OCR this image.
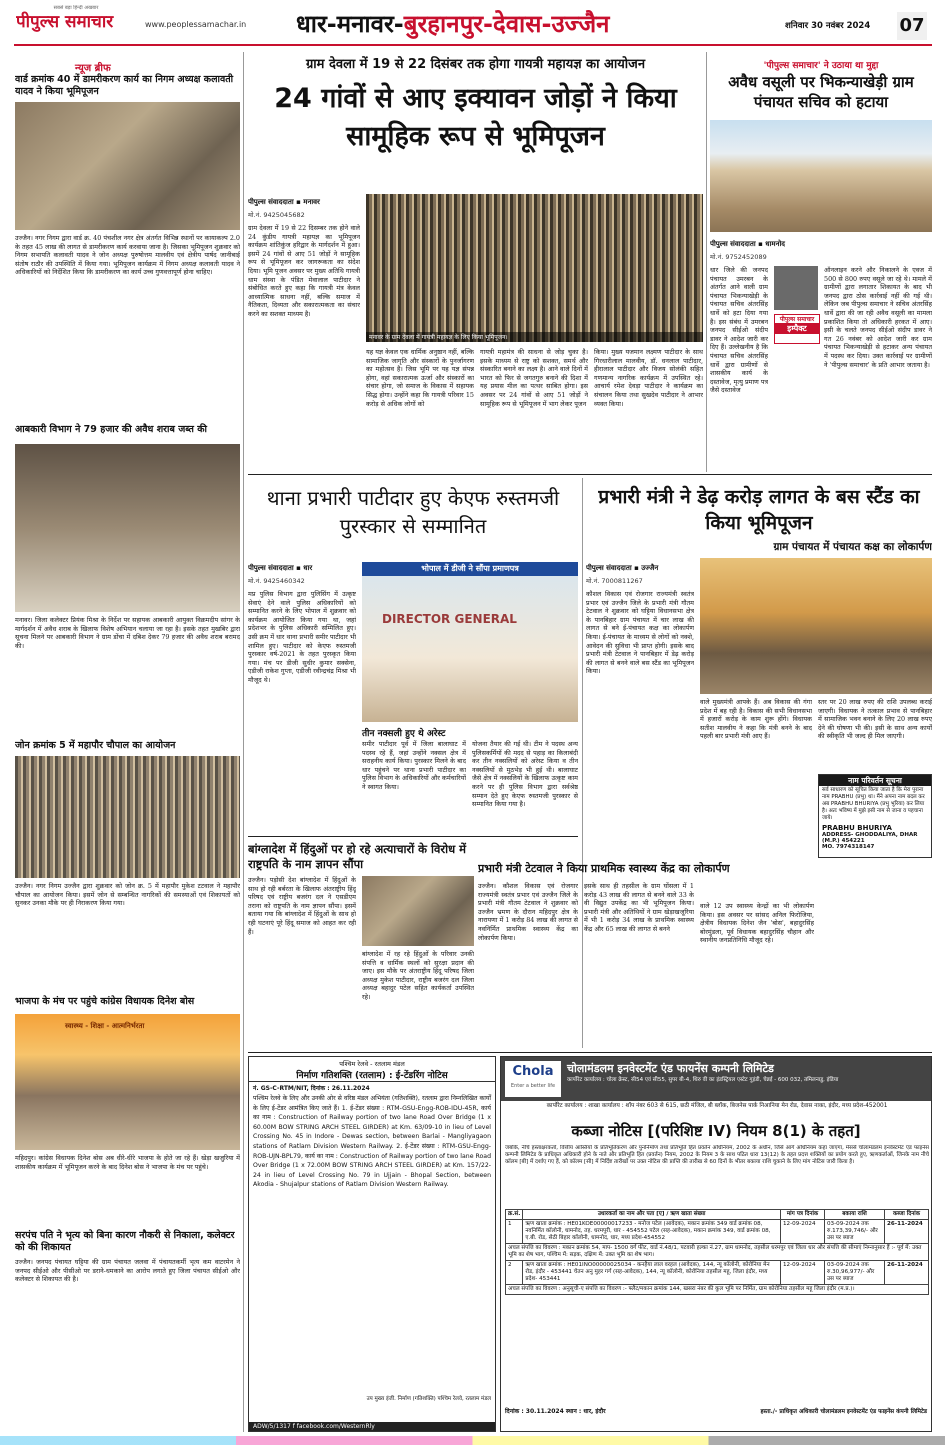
सबसे बड़ा हिन्दी अखबार
पीपुल्स समाचार	www.peoplessamachar.in धार-मनावर-बुरहानपुर-देवास-उज्जैन	शनिवार 30 नवंबर 2024 07
न्यूज ब्रीफ
वार्ड क्रमांक 40 में डामरीकरण कार्य का निगम अध्यक्ष कलावती यादव ने किया भूमिपूजन
उज्जैन। नगर निगम द्वारा वार्ड क्र. 40 पंचशील नगर क्षेत्र अंतर्गत विभिन्न स्थानों पर कायाकल्प 2.0 के तहत 45 लाख की लागत से डामरीकरण कार्य करवाया जाना है। जिसका भूमिपूजन शुक्रवार को निगम सभापति कलावती यादव ने जोन अध्यक्ष पुरुषोत्तम मालवीय एवं क्षेत्रीय पार्षद जानीबाई संतोष राठौर की उपस्थिति में किया गया। भूमिपूजन कार्यक्रम में निगम अध्यक्ष कलावती यादव ने अधिकारियों को निर्देशित किया कि डामरीकरण का कार्य उच्च गुणवत्तापूर्ण होना चाहिए।
आबकारी विभाग ने 79 हजार की अवैध शराब जब्त की
मनावर। जिला कलेक्टर प्रियंक मिश्रा के निर्देश पर सहायक आबकारी आयुक्त विक्रमदीप सांगर के मार्गदर्शन में अवैध शराब के खिलाफ विशेष अभियान चलाया जा रहा है। इसके तहत मुखबिर द्वारा सूचना मिलने पर आबकारी विभाग ने ग्राम डोंचा में दबिश देकर 79 हजार की अवैध शराब बरामद की।
जोन क्रमांक 5 में महापौर चौपाल का आयोजन
उज्जैन। नगर निगम उज्जैन द्वारा शुक्रवार को जोन क्र. 5 में महापौर मुकेश टटवाल ने महापौर चौपाल का आयोजन किया। इसमें जोन से सम्बन्धित नागरिकों की समस्याओं एवं शिकायतों को सुनकर उनका मौके पर ही निराकरण किया गया।
भाजपा के मंच पर पहुंचे कांग्रेस विधायक दिनेश बोस
स्वास्थ्य - शिक्षा - आत्मनिर्भरता
महिदपुर। कांग्रेस विधायक दिनेश बोस अब धीरे-धीरे भाजपा के होते जा रहे हैं। खेड़ा खजुरिया में शासकीय कार्यक्रम में भूमिपूजन करने के बाद दिनेश बोस ने भाजपा के मंच पर पहुंचे।
सरपंच पति ने भृत्य को बिना कारण नौकरी से निकाला, कलेक्टर को की शिकायत
उज्जैन। जनपद पंचायत घट्टिया की ग्राम पंचायत जलवा में पंचायतकर्मी भृत्य कम वाटरमेन ने जनपद सीईओ और पीसीओ पर डराने-धमकाने का आरोप लगाते हुए जिला पंचायत सीईओ और कलेक्टर से शिकायत की है।
ग्राम देवला में 19 से 22 दिसंबर तक होगा गायत्री महायज्ञ का आयोजन
24 गांवों से आए इक्यावन जोड़ों ने किया सामूहिक रूप से भूमिपूजन
पीपुल्स संवाददाता ▪ मनावर
मो.नं. 9425045682
मनावर के ग्राम देवला में गायत्री महायज्ञ के लिए किया भूमिपूजन।
ग्राम देवला में 19 से 22 दिसम्बर तक होने वाले 24 कुंडीय गायत्री महायज्ञ का भूमिपूजन कार्यक्रम शांतिकुंज हरिद्वार के मार्गदर्शन में हुआ। इसमें 24 गांवों से आए 51 जोड़ों ने सामूहिक रूप से भूमिपूजन कर जागरूकता का संदेश दिया। भूमि पूजन अवसर पर मुख्य अतिथि गायत्री धाम संस्था के पंडित मेवालाल पाटीदार ने संबोधित करते हुए कहा कि गायत्री मंत्र केवल आध्यात्मिक साधना नहीं, बल्कि समाज में नैतिकता, दिव्यता और सकारात्मकता का संचार करने का सशक्त माध्यम है।
यह यज्ञ केवल एक धार्मिक अनुष्ठान नहीं, बल्कि सामाजिक जागृति और संस्कारों के पुनर्जागरण का महोत्सव है। जिस भूमि पर यह यज्ञ संपन्न होगा, वहां सकारात्मक ऊर्जा और संस्कारों का संचार होगा, जो समाज के विकास में सहायक सिद्ध होगा। उन्होंने कहा कि गायत्री परिवार 15 करोड़ से अधिक लोगों को
गायत्री महामंत्र की साधना से जोड़ चुका है। इसके माध्यम से राष्ट्र को सशक्त, समर्थ और संस्कारित बनाने का लक्ष्य है। आने वाले दिनों में भारत को फिर से जगतगुरु बनाने की दिशा में यह प्रयास मील का पत्थर साबित होगा। इस अवसर पर 24 गांवों से आए 51 जोड़ों ने सामूहिक रूप से भूमिपूजन में भाग लेकर पूजन
किया। मुख्य यजमान लक्ष्मण पाटीदार के साथ गिरधारीलाल मालवीय, डॉ. धनलाल पाटीदार, हीरालाल पाटीदार और विजय सोलंकी सहित गणमान्य नागरिक कार्यक्रम में उपस्थित रहे। आचार्य रमेश देवड़ा पाटीदार ने कार्यक्रम का संचालन किया तथा सुखदेव पाटीदार ने आभार व्यक्त किया।
'पीपुल्स समाचार' ने उठाया था मुद्दा
अवैध वसूली पर भिकन्याखेड़ी ग्राम पंचायत सचिव को हटाया
पीपुल्स संवाददाता ▪ धामनोद
मो.नं. 9752452089
धार जिले की जनपद पंचायत उमरबन के अंतर्गत आने वाली ग्राम पंचायत भिकन्याखेड़ी के पंचायत सचिव अंतरसिंह धार्वे को हटा दिया गया है। इस संबंध में उमरबन जनपद सीईओ संदीप डावर ने आदेश जारी कर दिए हैं। उल्लेखनीय है कि पंचायत सचिव अंतरसिंह धार्वे द्वारा ग्रामीणों से शासकीय कार्य के दस्तावेज, मृत्यु प्रमाण पत्र जैसे दस्तावेज
पीपुल्स समाचार
इम्पैक्ट
ऑनलाइन करने और निकालने के एवज में 500 से 800 रुपए वसूले जा रहे थे। मामले में ग्रामीणों द्वारा लगातार शिकायत के बाद भी जनपद द्वारा ठोस कार्रवाई नहीं की गई थी। लेकिन जब पीपुल्स समाचार ने सचिव अंतरसिंह धार्वे द्वारा की जा रही अवैध वसूली का मामला प्रकाशित किया तो अधिकारी हरकत में आए। इसी के चलते जनपद सीईओ संदीप डावर ने गत 26 नवंबर को आदेश जारी कर ग्राम पंचायत भिकन्याखेड़ी से हटाकर अन्य पंचायत में पदस्थ कर दिया। उक्त कार्रवाई पर ग्रामीणों ने 'पीपुल्स समाचार' के प्रति आभार जताया है।
थाना प्रभारी पाटीदार हुए केएफ रुस्तमजी पुरस्कार से सम्मानित
पीपुल्स संवाददाता ▪ धार
मो.नं. 9425460342
भोपाल में डीजी ने सौंपा प्रमाणपत्र
DIRECTOR GENERAL
मप्र पुलिस विभाग द्वारा पुलिसिंग में उत्कृष्ट सेवाएं देने वाले पुलिस अधिकारियों को सम्मानित करने के लिए भोपाल में शुक्रवार को कार्यक्रम आयोजित किया गया था, जहां प्रदेशभर के पुलिस अधिकारी सम्मिलित हुए। उसी क्रम में धार थाना प्रभारी समीर पाटीदार भी शामिल हुए। पाटीदार को केएफ रुस्तमजी पुरस्कार वर्ष-2021 के तहत पुरस्कृत किया गया। मंच पर डीजी सुधीर कुमार सक्सेना, एडीजी राकेश गुप्ता, एडीजी रवीन्द्रचंद्र मिश्रा भी मौजूद थे।
तीन नक्सली हुए थे अरेस्ट
समीर पाटीदार पूर्व में जिला बालाघाट में पदस्थ रहे हैं, जहां उन्होंने नक्सल क्षेत्र में सराहनीय कार्य किया। पुरस्कार मिलने के बाद धार पहुंचने पर थाना प्रभारी पाटीदार का पुलिस विभाग के अधिकारियों और कर्मचारियों ने स्वागत किया।
योजना तैयार की गई थी। टीम ने पदस्थ अन्य पुलिसकर्मियों की मदद से पहाड़ का किलाबंदी कर तीन नक्सलियों को अरेस्ट किया व तीन नक्सलियों से मुठभेड़ भी हुई थी। बालाघाट जैसे क्षेत्र में नक्सलियों के खिलाफ उत्कृष्ट काम करने पर ही पुलिस विभाग द्वारा सर्वश्रेष्ठ सम्मान देते हुए केएफ रुस्तमजी पुरस्कार से सम्मानित किया गया है।
प्रभारी मंत्री ने डेढ़ करोड़ लागत के बस स्टैंड का किया भूमिपूजन
ग्राम पंचायत में पंचायत कक्ष का लोकार्पण
पीपुल्स संवाददाता ▪ उज्जैन
मो.नं. 7000811267
कौशल विकास एवं रोजगार राज्यमंत्री स्वतंत्र प्रभार एवं उज्जैन जिले के प्रभारी मंत्री गौतम टेटवाल ने शुक्रवार को घट्टिया विधानसभा क्षेत्र के पानबिहार ग्राम पंचायत में चार लाख की लागत से बने ई-पंचायत कक्ष का लोकार्पण किया। ई-पंचायत के माध्यम से लोगों को नक्शे, आवेदन की सुविधा भी प्राप्त होगी। इसके बाद प्रभारी मंत्री टेटवाल ने पानबिहार में डेढ़ करोड़ की लागत से बनने वाले बस स्टैंड का भूमिपूजन किया।
वाले मुख्यमंत्री आपके हैं। अब विकास की गंगा प्रदेश में बह रही है। विकास की सभी विधानसभा में हजारों करोड़ के काम शुरू होंगे। विधायक सतीश मालवीय ने कहा कि मंत्री बनने के बाद पहली बार प्रभारी मंत्री आए हैं।
स्तर पर 20 लाख रुपए की राशि उपलब्ध कराई जाएगी। विधायक ने तत्काल प्रभाव से पानबिहार में सामाजिक भवन बनाने के लिए 20 लाख रुपए देने की घोषणा भी की। इसी के साथ अन्य कार्यों की स्वीकृति भी जल्द ही मिल जाएगी।
नाम परिवर्तन सूचना
सर्व साधारण को सूचित किया जाता है कि मेरा पुराना नाम PRABHU (प्रभु) था। मैंने अपना नाम बदल कर अब PRABHU BHURIYA (प्रभु भुरिया) कर लिया है। अतः भविष्य में मुझे इसी नाम से जाना व पहचाना जाये।
PRABHU BHURIYA
ADDRESS- GHODDALIYA, DHAR (M.P.) 454221
MO. 7974318147
बांग्लादेश में हिंदुओं पर हो रहे अत्याचारों के विरोध में राष्ट्रपति के नाम ज्ञापन सौंपा
उज्जैन। पड़ोसी देश बांग्लादेश में हिंदुओं के साथ हो रही बर्बरता के खिलाफ अंतराष्ट्रीय हिंदू परिषद एवं राष्ट्रीय बजरंग दल ने एसडीएम तराना को राष्ट्रपति के नाम ज्ञापन सौंपा। इसमें बताया गया कि बांग्लादेश में हिंदुओं के साथ हो रही घटनाएं पूरे हिंदू समाज को आहत कर रही हैं।
बांग्लादेश में रह रहे हिंदुओं के परिवार उनकी संपत्ति व धार्मिक स्थलों को सुरक्षा प्रदान की जाए। इस मौके पर अंतराष्ट्रीय हिंदू परिषद जिला अध्यक्ष मुकेश पाटीदार, राष्ट्रीय बजरंग दल जिला अध्यक्ष बहादुर पटेल सहित कार्यकर्ता उपस्थित रहे।
प्रभारी मंत्री टेटवाल ने किया प्राथमिक स्वास्थ्य केंद्र का लोकार्पण
उज्जैन। कौशल विकास एवं रोजगार राज्यमंत्री स्वतंत्र प्रभार एवं उज्जैन जिले के प्रभारी मंत्री गौतम टेटवाल ने शुक्रवार को उज्जैन भ्रमण के दौरान महिदपुर क्षेत्र के नारायणा में 1 करोड़ 84 लाख की लागत से नवनिर्मित प्राथमिक स्वास्थ्य केंद्र का लोकार्पण किया।
इसके साथ ही तहसील के ग्राम घोंसला में 1 करोड़ 43 लाख की लागत से बनने वाले 33 के वी विद्युत उपकेंद्र का भी भूमिपूजन किया। प्रभारी मंत्री और अतिथियों ने ग्राम खेड़ाखजूरिया में भी 1 करोड़ 34 लाख के प्राथमिक स्वास्थ्य केंद्र और 65 लाख की लागत से बनने
वाले 12 उप स्वास्थ्य केन्द्रों का भी लोकार्पण किया। इस अवसर पर सांसद अनिल फिरोजिया, क्षेत्रीय विधायक दिनेश जैन 'बोस', बहादुरसिंह बोरमुंडला, पूर्व विधायक बहादुरसिंह चौहान और स्थानीय जनप्रतिनिधि मौजूद रहे।
पश्चिम रेलवे - रतलाम मंडल
निर्माण गतिशक्ति (रतलाम) : ई-टेंडरिंग नोटिस
नं. GS-C-RTM/NIT, दिनांक : 26.11.2024
पश्चिम रेलवे के लिए और उनकी ओर से वरिष्ठ मंडल अभियंता (गतिशक्ति), रतलाम द्वारा निम्नलिखित कार्यों के लिए ई-टेंडर आमंत्रित किए जाते हैं। 1. ई-टेंडर संख्या : RTM-GSU-Engg-ROB-IDU-45R, कार्य का नाम : Construction of Railway portion of two lane Road Over Bridge (1 x 60.00M BOW STRING ARCH STEEL GIRDER) at Km. 63/09-10 in lieu of Level Crossing No. 45 in Indore - Dewas section, between Barlai - Mangliyagaon stations of Ratlam Division Western Railway. 2. ई-टेंडर संख्या : RTM-GSU-Engg-ROB-UJN-BPL79, कार्य का नाम : Construction of Railway portion of two lane Road Over Bridge (1 x 72.00M BOW STRING ARCH STEEL GIRDER) at Km. 157/22-24 in lieu of Level Crossing No. 79 in Ujjain - Bhopal Section, between Akodia - Shujalpur stations of Ratlam Division Western Railway.
उप मुख्य इंजी. निर्माण (गतिशक्ति) पश्चिम रेलवे, रतलाम मंडल
ADW/5/1317 f facebook.com/WesternRly
Chola
Enter a better life
चोलामंडलम इनवेस्टमेंट एंड फायनेंस कम्पनी लिमिटेड
कार्पोरेट कार्यालय : चोला क्रेस्ट, सी54 एवं सी55, सुपर बी-4, थिरु वी का इंडस्ट्रियल एस्टेट गुइंडी, चेन्नई - 600 032, तमिलनाडु, इंडिया
कार्पोरेट कार्यालय : शाखा कार्यालय : शॉप नंबर 603 से 615, छठी मंजिल, बी ब्लॉक, बिजनेस पार्क निआनिया मेन रोड, देवास नाका, इंदौर, मध्य प्रदेश-452001
कब्जा नोटिस [(परिशिष्ट IV) नियम 8(1) के तहत]
जबकि, नीचे हस्ताक्षरकर्ता, वित्तीय आस्तियों के प्रतिभूतिकरण और पुनर्निर्माण तथा प्रतिभूति हित प्रवर्तन अधिनियम, 2002 के अधीन, जिसे आगे अधिनियम कहा जाएगा, मेसर्स चोलामंडलम इनवेस्टमेंट एंड फाइनेंस कम्पनी लिमिटेड के प्राधिकृत अधिकारी होने के नाते और प्रतिभूति हित (प्रवर्तन) नियम, 2002 के नियम 3 के साथ पठित धारा 13(12) के तहत प्रदत्त शक्तियों का प्रयोग करते हुए, ऋणकर्ताओं, जिनके नाम नीचे कॉलम [बी] में दर्शाए गए हैं, को कॉलम [सी] में निर्दिष्ट तारीखों पर उक्त नोटिस की प्राप्ति की तारीख से 60 दिनों के भीतर बकाया राशि चुकाने के लिए मांग नोटिस जारी किया है।
क्र.सं.	उधारकर्ता का नाम और पता [ए] / ऋण खाता संख्या	मांग पत्र दिनांक	बकाया राशि	कब्जा दिनांक
1	ऋण खाता क्रमांक : HE01KOE00000017233 - मनोज पटेल (आवेदक), मकान क्रमांक 349 वार्ड क्रमांक 08, नवनिर्मित कॉलोनी, धामनोद, तह. धरमपुरी, धार - 454552 पटेल (सह-आवेदक), मकान क्रमांक 349, वार्ड क्रमांक 08, ए.बी. रोड, सेठी बिहार कॉलोनी, धामनोद, धार, मध्य प्रदेश-454552	12-09-2024	03-09-2024 तक रु.173,39,746/- और उस पर ब्याज	26-11-2024
अचल संपत्ति का विवरण : मकान क्रमांक 54, माप- 1500 वर्ग फीट, वार्ड नं.48/1, पटवारी हल्का नं.27, ग्राम धामनोद, तहसील धरमपुर एवं जिला धार और संपत्ति की सीमाएं निम्नानुसार हैं :- पूर्व में: उक्त भूमि का शेष भाग, पश्चिम में: सड़क, दक्षिण में: उक्त भूमि का शेष भाग।				
2	ऋण खाता क्रमांक : HE01INO00000025034 - कनहैया लाल वरहल (आवेदक), 144, न्यू कॉलोनी, कोरोनिया मेन रोड, इंदौर - 453441 चेतन अनु मुहर गर्ग (सह-आवेदक), 144, न्यू कॉलोनी, कोरोनिया तहसील महू, जिला इंदौर, मध्य प्रदेश- 453441	12-09-2024	03-09-2024 तक रु.30,96,977/- और उस पर ब्याज	26-11-2024
अचल संपत्ति का विवरण : अनुसूची-ए संपत्ति का विवरण :- फ्लैट/मकान क्रमांक 144, खसरा नंबर की कुल भूमि पर निर्मित, ग्राम कोरोनिया तहसील महू जिला इंदौर (म.प्र.)।				
दिनांक : 30.11.2024 स्थान : धार, इंदौर	हस्ता./- प्राधिकृत अधिकारी चोलामंडलम इनवेस्टमेंट एंड फाइनेंस कंपनी लिमिटेड
